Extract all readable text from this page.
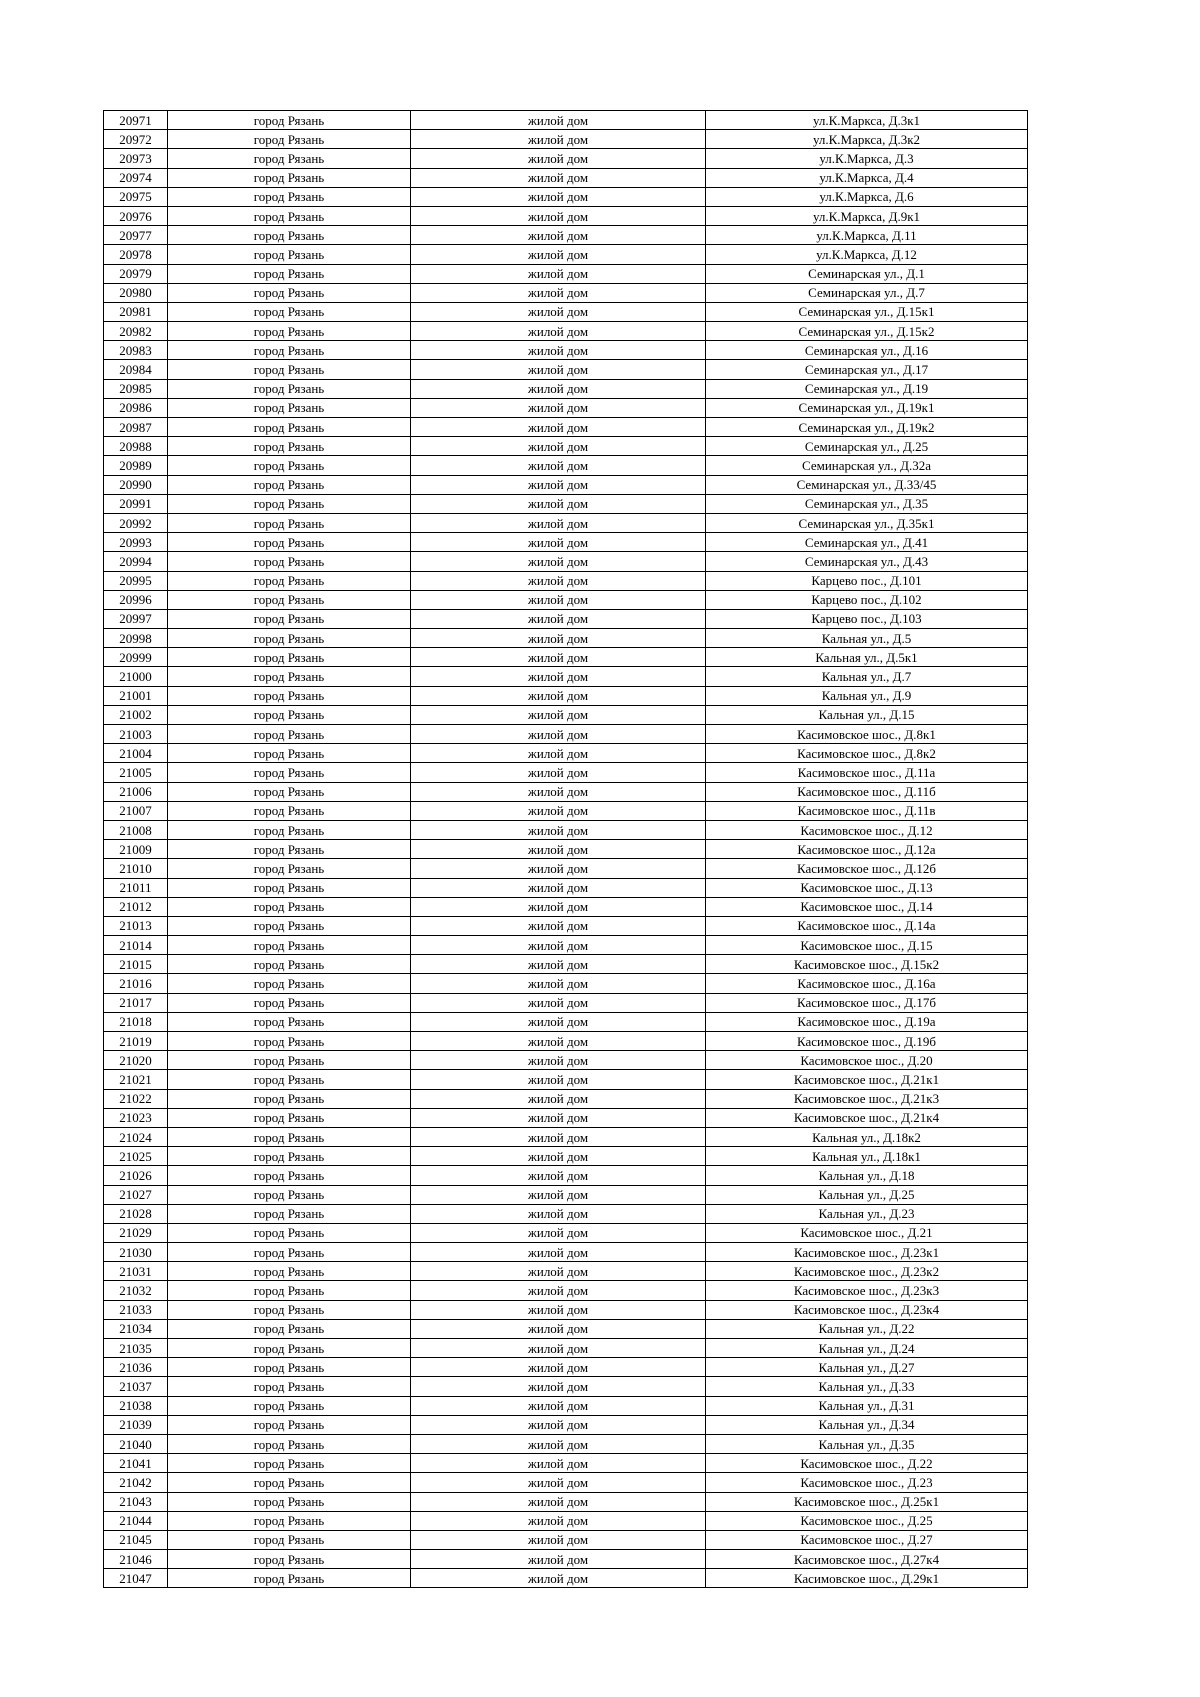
20971	город Рязань	жилой дом	ул.К.Маркса, Д.3к1
20972	город Рязань	жилой дом	ул.К.Маркса, Д.3к2
20973	город Рязань	жилой дом	ул.К.Маркса, Д.3
20974	город Рязань	жилой дом	ул.К.Маркса, Д.4
20975	город Рязань	жилой дом	ул.К.Маркса, Д.6
20976	город Рязань	жилой дом	ул.К.Маркса, Д.9к1
20977	город Рязань	жилой дом	ул.К.Маркса, Д.11
20978	город Рязань	жилой дом	ул.К.Маркса, Д.12
20979	город Рязань	жилой дом	Семинарская ул., Д.1
20980	город Рязань	жилой дом	Семинарская ул., Д.7
20981	город Рязань	жилой дом	Семинарская ул., Д.15к1
20982	город Рязань	жилой дом	Семинарская ул., Д.15к2
20983	город Рязань	жилой дом	Семинарская ул., Д.16
20984	город Рязань	жилой дом	Семинарская ул., Д.17
20985	город Рязань	жилой дом	Семинарская ул., Д.19
20986	город Рязань	жилой дом	Семинарская ул., Д.19к1
20987	город Рязань	жилой дом	Семинарская ул., Д.19к2
20988	город Рязань	жилой дом	Семинарская ул., Д.25
20989	город Рязань	жилой дом	Семинарская ул., Д.32а
20990	город Рязань	жилой дом	Семинарская ул., Д.33/45
20991	город Рязань	жилой дом	Семинарская ул., Д.35
20992	город Рязань	жилой дом	Семинарская ул., Д.35к1
20993	город Рязань	жилой дом	Семинарская ул., Д.41
20994	город Рязань	жилой дом	Семинарская ул., Д.43
20995	город Рязань	жилой дом	Карцево пос., Д.101
20996	город Рязань	жилой дом	Карцево пос., Д.102
20997	город Рязань	жилой дом	Карцево пос., Д.103
20998	город Рязань	жилой дом	Кальная ул., Д.5
20999	город Рязань	жилой дом	Кальная ул., Д.5к1
21000	город Рязань	жилой дом	Кальная ул., Д.7
21001	город Рязань	жилой дом	Кальная ул., Д.9
21002	город Рязань	жилой дом	Кальная ул., Д.15
21003	город Рязань	жилой дом	Касимовское шос., Д.8к1
21004	город Рязань	жилой дом	Касимовское шос., Д.8к2
21005	город Рязань	жилой дом	Касимовское шос., Д.11а
21006	город Рязань	жилой дом	Касимовское шос., Д.11б
21007	город Рязань	жилой дом	Касимовское шос., Д.11в
21008	город Рязань	жилой дом	Касимовское шос., Д.12
21009	город Рязань	жилой дом	Касимовское шос., Д.12а
21010	город Рязань	жилой дом	Касимовское шос., Д.12б
21011	город Рязань	жилой дом	Касимовское шос., Д.13
21012	город Рязань	жилой дом	Касимовское шос., Д.14
21013	город Рязань	жилой дом	Касимовское шос., Д.14а
21014	город Рязань	жилой дом	Касимовское шос., Д.15
21015	город Рязань	жилой дом	Касимовское шос., Д.15к2
21016	город Рязань	жилой дом	Касимовское шос., Д.16а
21017	город Рязань	жилой дом	Касимовское шос., Д.17б
21018	город Рязань	жилой дом	Касимовское шос., Д.19а
21019	город Рязань	жилой дом	Касимовское шос., Д.19б
21020	город Рязань	жилой дом	Касимовское шос., Д.20
21021	город Рязань	жилой дом	Касимовское шос., Д.21к1
21022	город Рязань	жилой дом	Касимовское шос., Д.21к3
21023	город Рязань	жилой дом	Касимовское шос., Д.21к4
21024	город Рязань	жилой дом	Кальная ул., Д.18к2
21025	город Рязань	жилой дом	Кальная ул., Д.18к1
21026	город Рязань	жилой дом	Кальная ул., Д.18
21027	город Рязань	жилой дом	Кальная ул., Д.25
21028	город Рязань	жилой дом	Кальная ул., Д.23
21029	город Рязань	жилой дом	Касимовское шос., Д.21
21030	город Рязань	жилой дом	Касимовское шос., Д.23к1
21031	город Рязань	жилой дом	Касимовское шос., Д.23к2
21032	город Рязань	жилой дом	Касимовское шос., Д.23к3
21033	город Рязань	жилой дом	Касимовское шос., Д.23к4
21034	город Рязань	жилой дом	Кальная ул., Д.22
21035	город Рязань	жилой дом	Кальная ул., Д.24
21036	город Рязань	жилой дом	Кальная ул., Д.27
21037	город Рязань	жилой дом	Кальная ул., Д.33
21038	город Рязань	жилой дом	Кальная ул., Д.31
21039	город Рязань	жилой дом	Кальная ул., Д.34
21040	город Рязань	жилой дом	Кальная ул., Д.35
21041	город Рязань	жилой дом	Касимовское шос., Д.22
21042	город Рязань	жилой дом	Касимовское шос., Д.23
21043	город Рязань	жилой дом	Касимовское шос., Д.25к1
21044	город Рязань	жилой дом	Касимовское шос., Д.25
21045	город Рязань	жилой дом	Касимовское шос., Д.27
21046	город Рязань	жилой дом	Касимовское шос., Д.27к4
21047	город Рязань	жилой дом	Касимовское шос., Д.29к1
